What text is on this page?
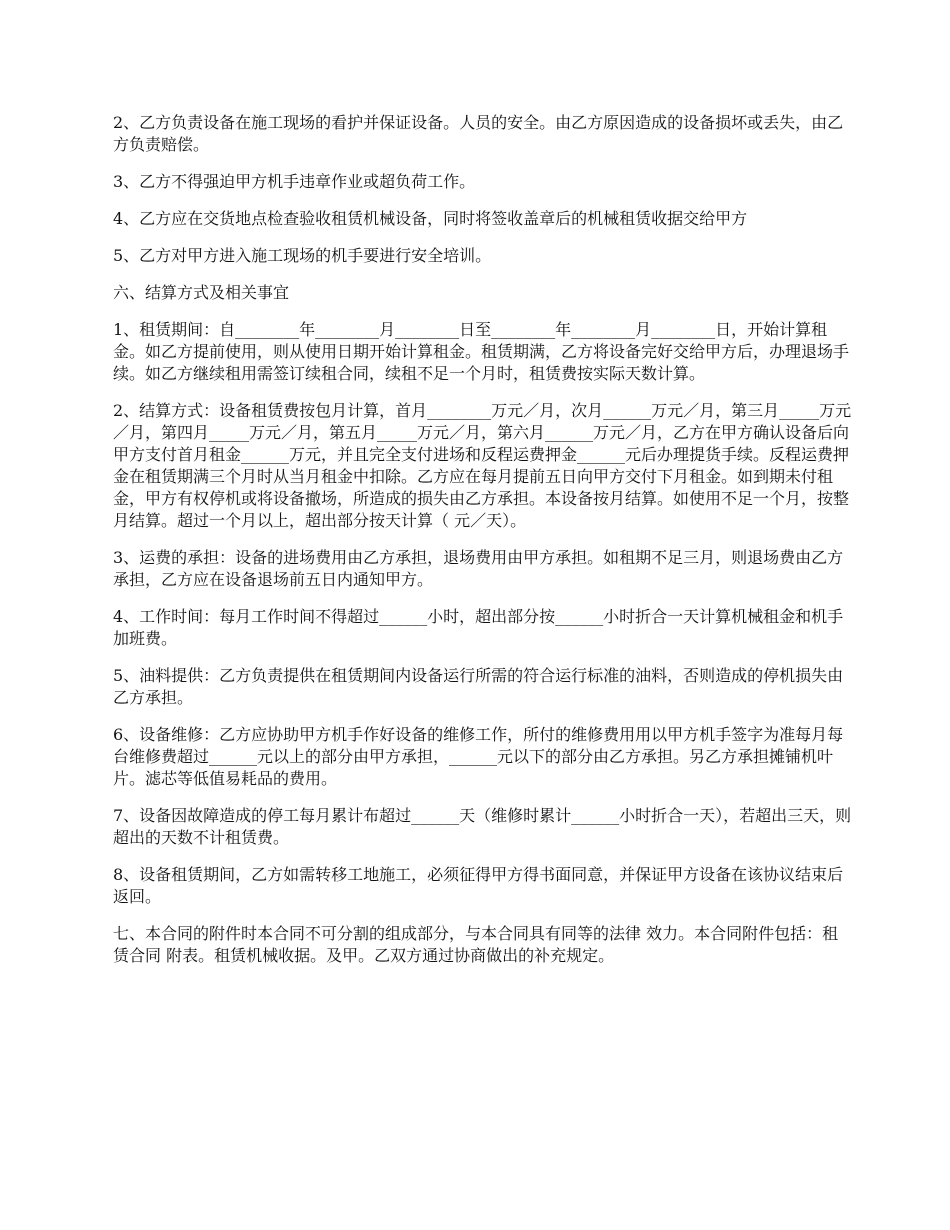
2、乙方负责设备在施工现场的看护并保证设备。人员的安全。由乙方原因造成的设备损坏或丢失，由乙方负责赔偿。

3、乙方不得强迫甲方机手违章作业或超负荷工作。

4、乙方应在交货地点检查验收租赁机械设备，同时将签收盖章后的机械租赁收据交给甲方

5、乙方对甲方进入施工现场的机手要进行安全培训。

六、结算方式及相关事宜

1、租赁期间：自________年________月________日至________年________月________日，开始计算租金。如乙方提前使用，则从使用日期开始计算租金。租赁期满，乙方将设备完好交给甲方后，办理退场手续。如乙方继续租用需签订续租合同，续租不足一个月时，租赁费按实际天数计算。

2、结算方式：设备租赁费按包月计算，首月________万元／月，次月______万元／月，第三月_____万元／月，第四月_____万元／月，第五月_____万元／月，第六月______万元／月，乙方在甲方确认设备后向甲方支付首月租金______万元，并且完全支付进场和反程运费押金______元后办理提货手续。反程运费押金在租赁期满三个月时从当月租金中扣除。乙方应在每月提前五日向甲方交付下月租金。如到期未付租金，甲方有权停机或将设备撤场，所造成的损失由乙方承担。本设备按月结算。如使用不足一个月，按整月结算。超过一个月以上，超出部分按天计算（ 元／天）。

3、运费的承担：设备的进场费用由乙方承担，退场费用由甲方承担。如租期不足三月，则退场费由乙方承担，乙方应在设备退场前五日内通知甲方。

4、工作时间：每月工作时间不得超过______小时，超出部分按______小时折合一天计算机械租金和机手加班费。

5、油料提供：乙方负责提供在租赁期间内设备运行所需的符合运行标准的油料，否则造成的停机损失由乙方承担。

6、设备维修：乙方应协助甲方机手作好设备的维修工作，所付的维修费用用以甲方机手签字为准每月每台维修费超过______元以上的部分由甲方承担，______元以下的部分由乙方承担。另乙方承担摊铺机叶片。滤芯等低值易耗品的费用。

7、设备因故障造成的停工每月累计布超过______天（维修时累计______小时折合一天），若超出三天，则超出的天数不计租赁费。

8、设备租赁期间，乙方如需转移工地施工，必须征得甲方得书面同意，并保证甲方设备在该协议结束后返回。

七、本合同的附件时本合同不可分割的组成部分，与本合同具有同等的法律 效力。本合同附件包括：租赁合同 附表。租赁机械收据。及甲。乙双方通过协商做出的补充规定。
